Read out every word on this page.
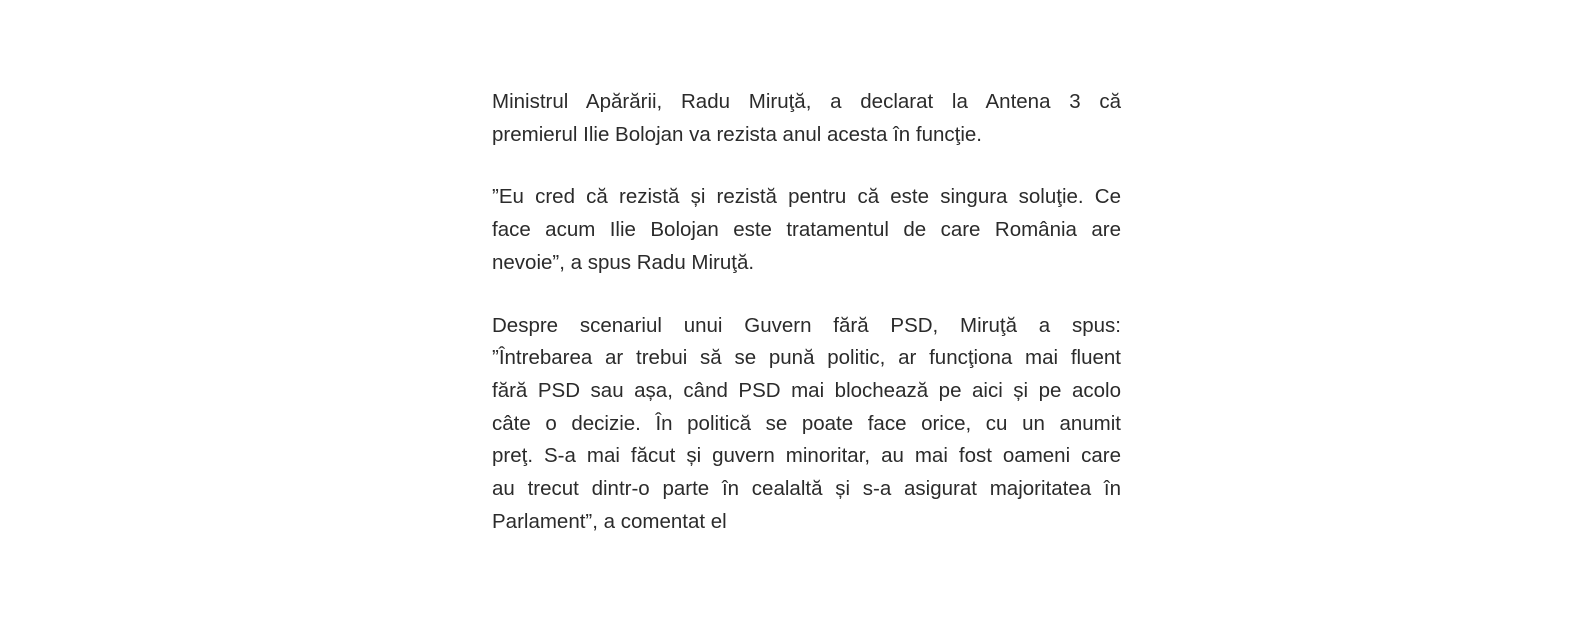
Ministrul Apărării, Radu Miruţă, a declarat la Antena 3 că
premierul Ilie Bolojan va rezista anul acesta în funcţie.

”Eu cred că rezistă și rezistă pentru că este singura soluţie. Ce
face acum Ilie Bolojan este tratamentul de care România are
nevoie”, a spus Radu Miruţă.

Despre scenariul unui Guvern fără PSD, Miruţă a spus:
”Întrebarea ar trebui să se pună politic, ar funcţiona mai fluent
fără PSD sau așa, când PSD mai blochează pe aici și pe acolo
câte o decizie. În politică se poate face orice, cu un anumit
preţ. S-a mai făcut și guvern minoritar, au mai fost oameni care
au trecut dintr-o parte în cealaltă și s-a asigurat majoritatea în
Parlament”, a comentat el
